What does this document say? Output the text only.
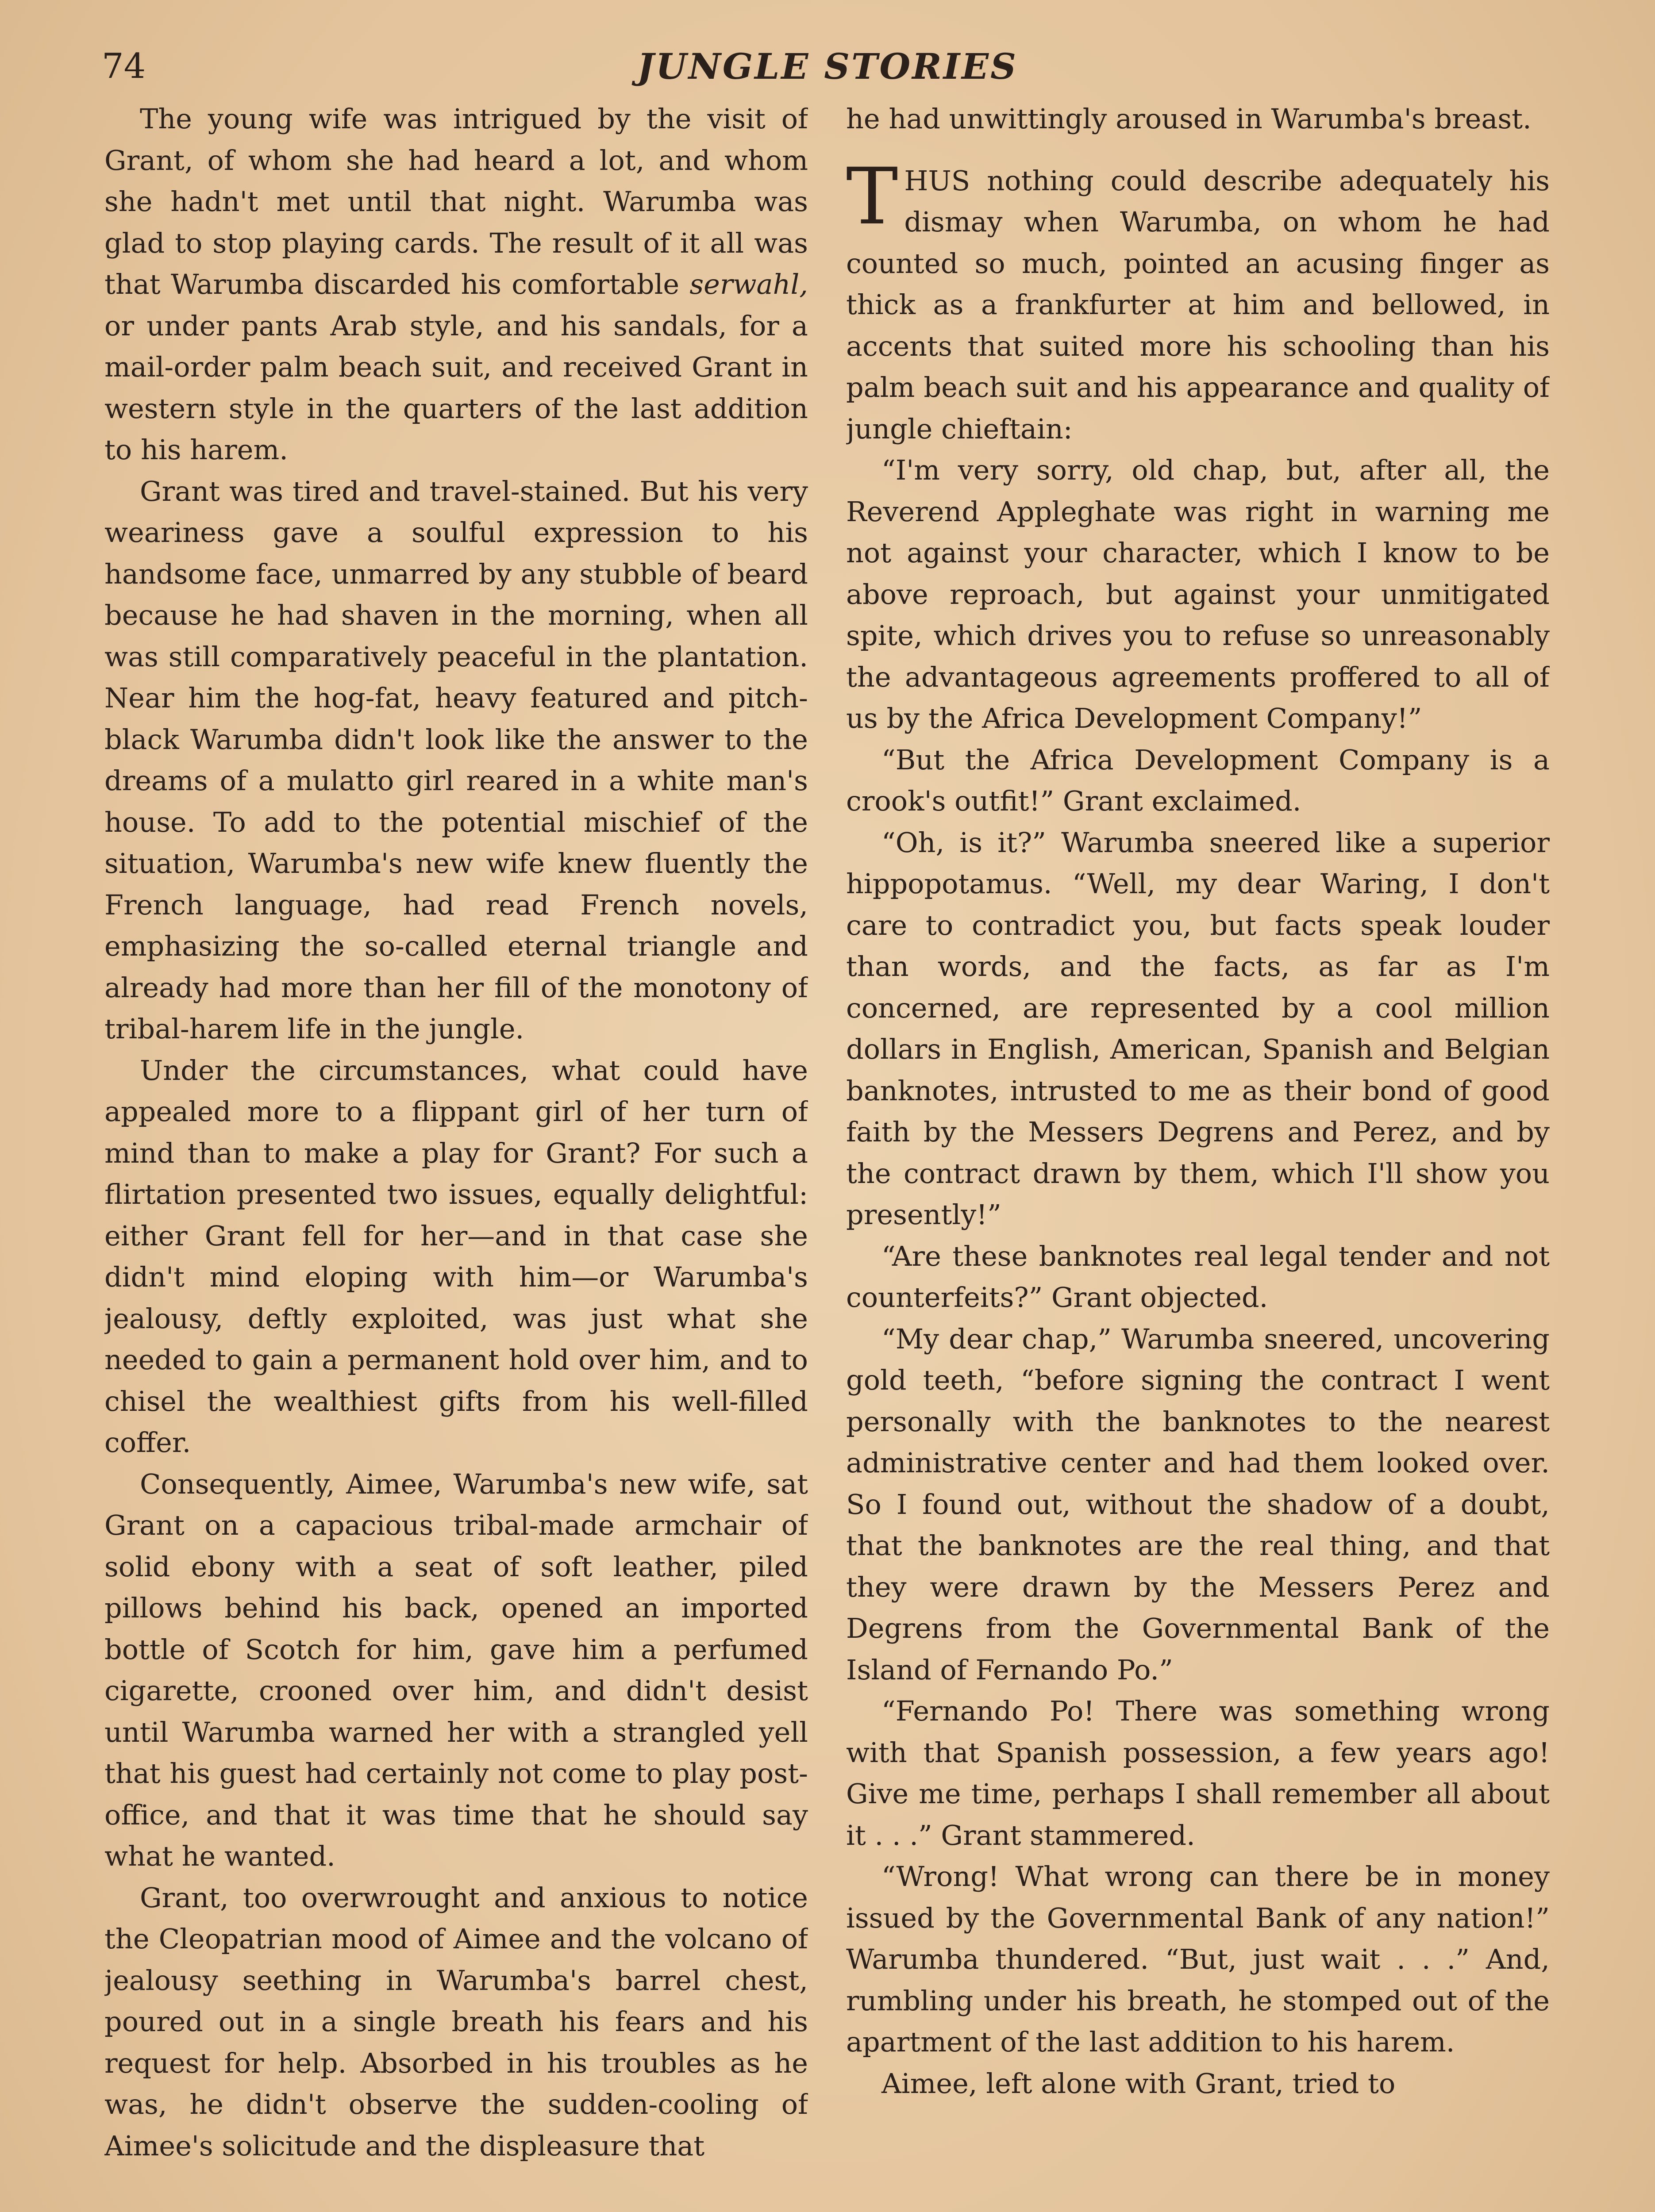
74	JUNGLE STORIES

The young wife was intrigued by the visit of Grant, of whom she had heard a lot, and whom she hadn't met until that night. Warumba was glad to stop playing cards. The result of it all was that Warumba discarded his comfortable serwahl, or under pants Arab style, and his sandals, for a mail-order palm beach suit, and received Grant in western style in the quarters of the last addition to his harem.

Grant was tired and travel-stained. But his very weariness gave a soulful expression to his handsome face, unmarred by any stubble of beard because he had shaven in the morning, when all was still comparatively peaceful in the plantation. Near him the hog-fat, heavy featured and pitch-black Warumba didn't look like the answer to the dreams of a mulatto girl reared in a white man's house. To add to the potential mischief of the situation, Warumba's new wife knew fluently the French language, had read French novels, emphasizing the so-called eternal triangle and already had more than her fill of the monotony of tribal-harem life in the jungle.

Under the circumstances, what could have appealed more to a flippant girl of her turn of mind than to make a play for Grant? For such a flirtation presented two issues, equally delightful: either Grant fell for her—and in that case she didn't mind eloping with him—or Warumba's jealousy, deftly exploited, was just what she needed to gain a permanent hold over him, and to chisel the wealthiest gifts from his well-filled coffer.

Consequently, Aimee, Warumba's new wife, sat Grant on a capacious tribal-made armchair of solid ebony with a seat of soft leather, piled pillows behind his back, opened an imported bottle of Scotch for him, gave him a perfumed cigarette, crooned over him, and didn't desist until Warumba warned her with a strangled yell that his guest had certainly not come to play post-office, and that it was time that he should say what he wanted.

Grant, too overwrought and anxious to notice the Cleopatrian mood of Aimee and the volcano of jealousy seething in Warumba's barrel chest, poured out in a single breath his fears and his request for help. Absorbed in his troubles as he was, he didn't observe the sudden-cooling of Aimee's solicitude and the displeasure that

he had unwittingly aroused in Warumba's breast.

THUS nothing could describe adequately his dismay when Warumba, on whom he had counted so much, pointed an acusing finger as thick as a frankfurter at him and bellowed, in accents that suited more his schooling than his palm beach suit and his appearance and quality of jungle chieftain:

“I'm very sorry, old chap, but, after all, the Reverend Appleghate was right in warning me not against your character, which I know to be above reproach, but against your unmitigated spite, which drives you to refuse so unreasonably the advantageous agreements proffered to all of us by the Africa Development Company!”

“But the Africa Development Company is a crook's outfit!” Grant exclaimed.

“Oh, is it?” Warumba sneered like a superior hippopotamus. “Well, my dear Waring, I don't care to contradict you, but facts speak louder than words, and the facts, as far as I'm concerned, are represented by a cool million dollars in English, American, Spanish and Belgian banknotes, intrusted to me as their bond of good faith by the Messers Degrens and Perez, and by the contract drawn by them, which I'll show you presently!”

“Are these banknotes real legal tender and not counterfeits?” Grant objected.

“My dear chap,” Warumba sneered, uncovering gold teeth, “before signing the contract I went personally with the banknotes to the nearest administrative center and had them looked over. So I found out, without the shadow of a doubt, that the banknotes are the real thing, and that they were drawn by the Messers Perez and Degrens from the Governmental Bank of the Island of Fernando Po.”

“Fernando Po! There was something wrong with that Spanish possession, a few years ago! Give me time, perhaps I shall remember all about it . . .” Grant stammered.

“Wrong! What wrong can there be in money issued by the Governmental Bank of any nation!” Warumba thundered. “But, just wait . . .” And, rumbling under his breath, he stomped out of the apartment of the last addition to his harem.

Aimee, left alone with Grant, tried to
